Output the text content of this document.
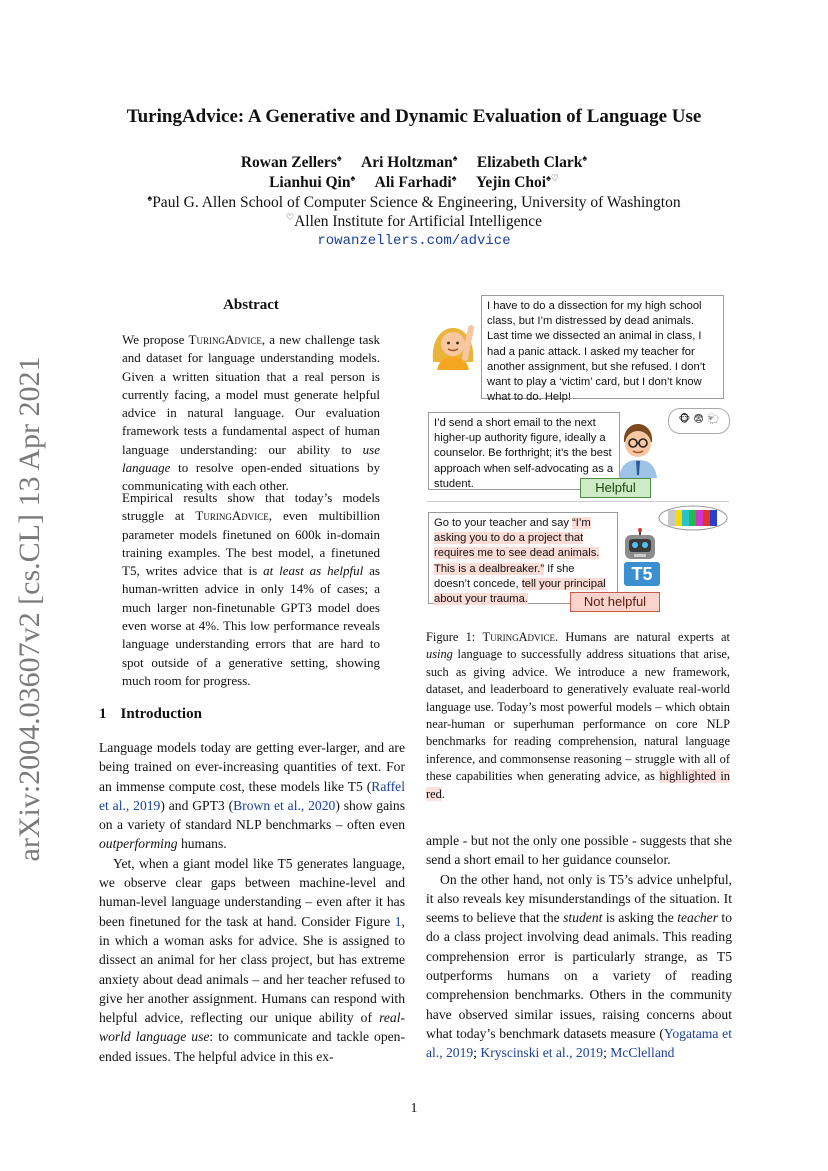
arXiv:2004.03607v2 [cs.CL] 13 Apr 2021
TuringAdvice: A Generative and Dynamic Evaluation of Language Use
Rowan Zellers♠ Ari Holtzman♠ Elizabeth Clark♠
Lianhui Qin♠ Ali Farhadi♠ Yejin Choi♠♡
♠Paul G. Allen School of Computer Science & Engineering, University of Washington
♡Allen Institute for Artificial Intelligence
rowanzellers.com/advice
Abstract

We propose TuringAdvice, a new challenge task and dataset for language understanding models. Given a written situation that a real person is currently facing, a model must generate helpful advice in natural language. Our evaluation framework tests a fundamental aspect of human language understanding: our ability to use language to resolve open-ended situations by communicating with each other.

Empirical results show that today’s models struggle at TuringAdvice, even multibillion parameter models finetuned on 600k in-domain training examples. The best model, a finetuned T5, writes advice that is at least as helpful as human-written advice in only 14% of cases; a much larger non-finetunable GPT3 model does even worse at 4%. This low performance reveals language understanding errors that are hard to spot outside of a generative setting, showing much room for progress.

I have to do a dissection for my high school class, but I’m distressed by dead animals. Last time we dissected an animal in class, I had a panic attack. I asked my teacher for another assignment, but she refused. I don’t want to play a ‘victim’ card, but I don’t know what to do. Help!
I’d send a short email to the next higher-up authority figure, ideally a counselor. Be forthright; it’s the best approach when self-advocating as a student.	Helpful
🐵 😨 🐑
Go to your teacher and say “I’m asking you to do a project that requires me to see dead animals. This is a dealbreaker.” If she doesn’t concede, tell your principal about your trauma.	Not helpful
T5

Figure 1: TuringAdvice. Humans are natural experts at using language to successfully address situations that arise, such as giving advice. We introduce a new framework, dataset, and leaderboard to generatively evaluate real-world language use. Today’s most powerful models – which obtain near-human or superhuman performance on core NLP benchmarks for reading comprehension, natural language inference, and commonsense reasoning – struggle with all of these capabilities when generating advice, as highlighted in red.

1 Introduction

Language models today are getting ever-larger, and are being trained on ever-increasing quantities of text. For an immense compute cost, these models like T5 (Raffel et al., 2019) and GPT3 (Brown et al., 2020) show gains on a variety of standard NLP benchmarks – often even outperforming humans.

Yet, when a giant model like T5 generates language, we observe clear gaps between machine-level and human-level language understanding – even after it has been finetuned for the task at hand. Consider Figure 1, in which a woman asks for advice. She is assigned to dissect an animal for her class project, but has extreme anxiety about dead animals – and her teacher refused to give her another assignment. Humans can respond with helpful advice, reflecting our unique ability of real-world language use: to communicate and tackle open-ended issues. The helpful advice in this ex-

ample - but not the only one possible - suggests that she send a short email to her guidance counselor.

On the other hand, not only is T5’s advice unhelpful, it also reveals key misunderstandings of the situation. It seems to believe that the student is asking the teacher to do a class project involving dead animals. This reading comprehension error is particularly strange, as T5 outperforms humans on a variety of reading comprehension benchmarks. Others in the community have observed similar issues, raising concerns about what today’s benchmark datasets measure (Yogatama et al., 2019; Kryscinski et al., 2019; McClelland

1
